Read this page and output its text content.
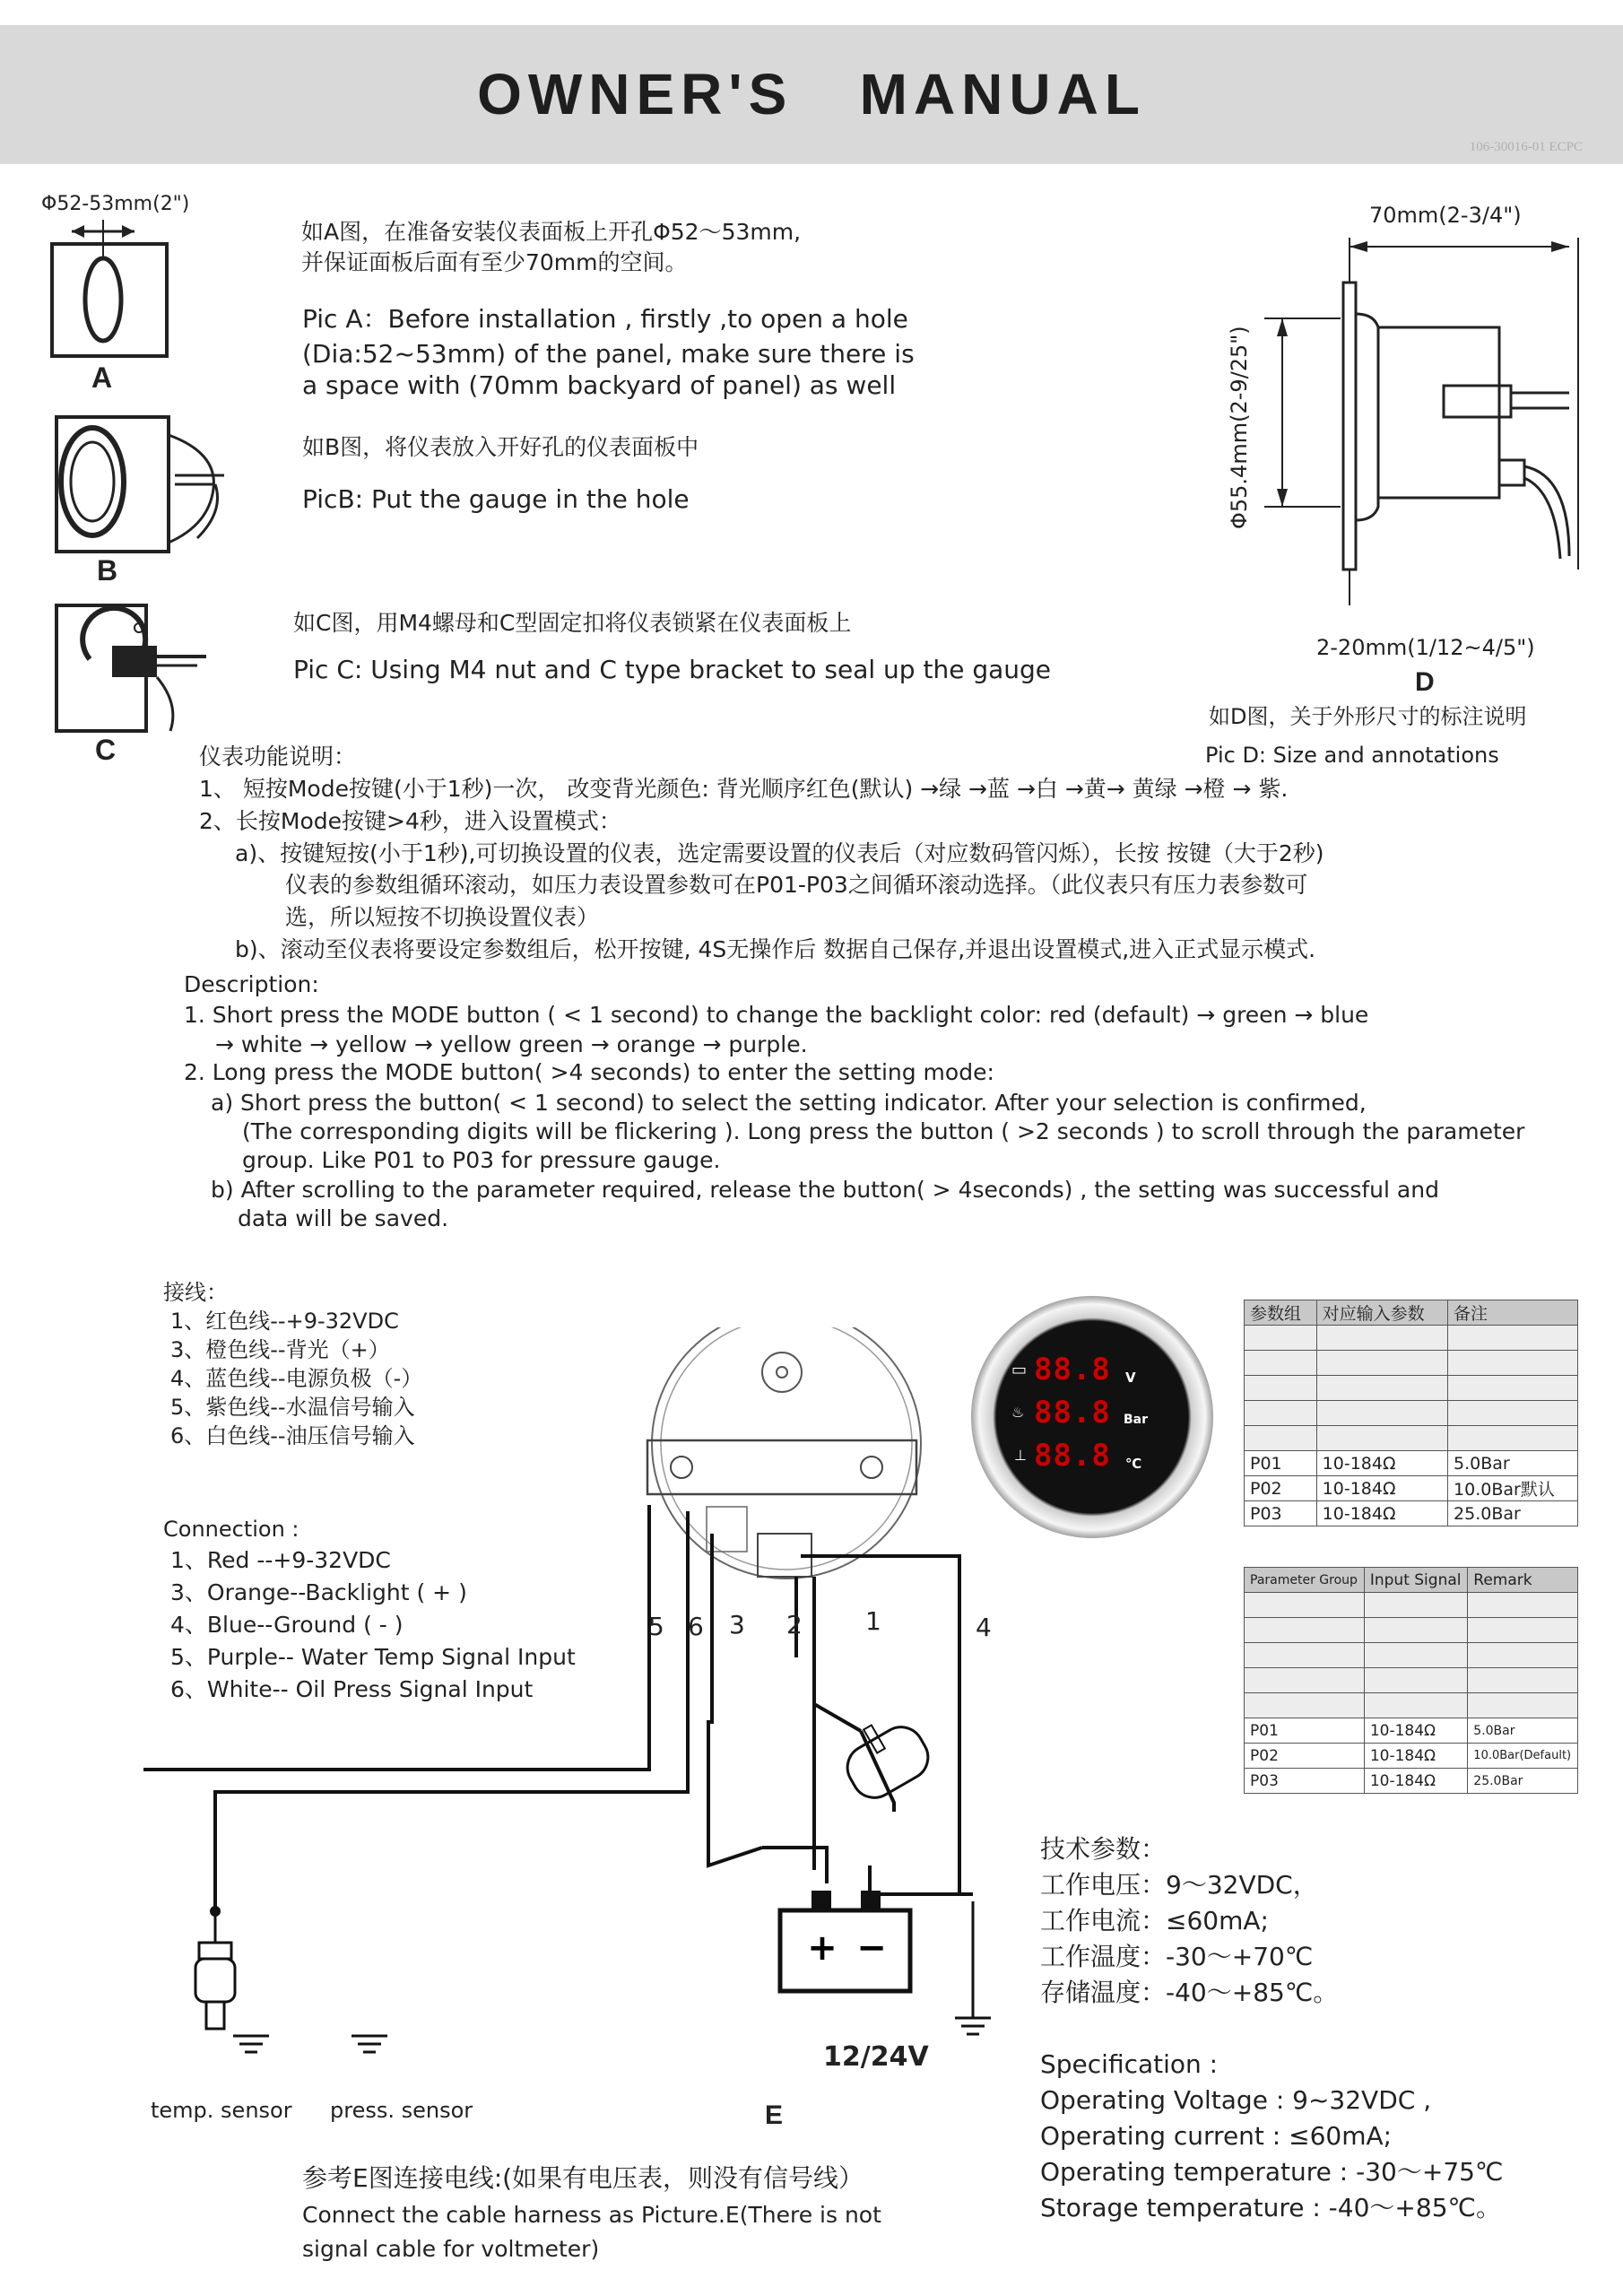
OWNER'S   MANUAL
106-30016-01 ECPC
Φ52-53mm(2")
A
B
C
如A图，在准备安装仪表面板上开孔Φ52～53mm,
并保证面板后面有至少70mm的空间。
Pic A：Before installation , firstly ,to open a hole
(Dia:52~53mm) of the panel, make sure there is
a space with (70mm backyard of panel) as well
如B图，将仪表放入开好孔的仪表面板中
PicB: Put the gauge in the hole
如C图，用M4螺母和C型固定扣将仪表锁紧在仪表面板上
Pic C: Using M4 nut and C type bracket to seal up the gauge
70mm(2-3/4")
Φ55.4mm(2-9/25")
2-20mm(1/12~4/5")
D
如D图，关于外形尺寸的标注说明
Pic D: Size and annotations
仪表功能说明：
1、 短按Mode按键(小于1秒)一次， 改变背光颜色: 背光顺序红色(默认) →绿 →蓝 →白 →黄→ 黄绿 →橙 → 紫.
2、长按Mode按键>4秒，进入设置模式：
a)、按键短按(小于1秒),可切换设置的仪表，选定需要设置的仪表后（对应数码管闪烁），长按 按键（大于2秒)
仪表的参数组循环滚动，如压力表设置参数可在P01-P03之间循环滚动选择。（此仪表只有压力表参数可
选，所以短按不切换设置仪表）
b)、滚动至仪表将要设定参数组后，松开按键, 4S无操作后 数据自己保存,并退出设置模式,进入正式显示模式.
Description:
1. Short press the MODE button ( < 1 second) to change the backlight color: red (default) → green → blue
→ white → yellow → yellow green → orange → purple.
2. Long press the MODE button( >4 seconds) to enter the setting mode:
a) Short press the button( < 1 second) to select the setting indicator. After your selection is confirmed,
(The corresponding digits will be flickering ). Long press the button ( >2 seconds ) to scroll through the parameter
group. Like P01 to P03 for pressure gauge.
b) After scrolling to the parameter required, release the button( > 4seconds) , the setting was successful and
data will be saved.
接线：
1、红色线--+9-32VDC
3、橙色线--背光（+）
4、蓝色线--电源负极（-）
5、紫色线--水温信号输入
6、白色线--油压信号输入
Connection :
1、Red --+9-32VDC
3、Orange--Backlight ( + )
4、Blue--Ground ( - )
5、Purple-- Water Temp Signal Input
6、White-- Oil Press Signal Input
+ −
5 6 3 2	1	4
12/24V
temp. sensor press. sensor	E
88.8
88.8
88.8
V
Bar
℃
▭
♨
⊥
参数组	对应输入参数	备注

P01	10-184Ω	5.0Bar
P02	10-184Ω	10.0Bar默认
P03	10-184Ω	25.0Bar
Parameter Group	Input Signal	Remark

P01	10-184Ω	5.0Bar
P02	10-184Ω	10.0Bar(Default)
P03	10-184Ω	25.0Bar
技术参数：
工作电压：9～32VDC，
工作电流：≤60mA;
工作温度：-30～+70℃
存储温度：-40～+85℃。
Specification :
Operating Voltage : 9~32VDC ,
Operating current : ≤60mA;
Operating temperature : -30～+75℃
Storage temperature : -40～+85℃。
参考E图连接电线:(如果有电压表，则没有信号线）
Connect the cable harness as Picture.E(There is not
signal cable for voltmeter)
